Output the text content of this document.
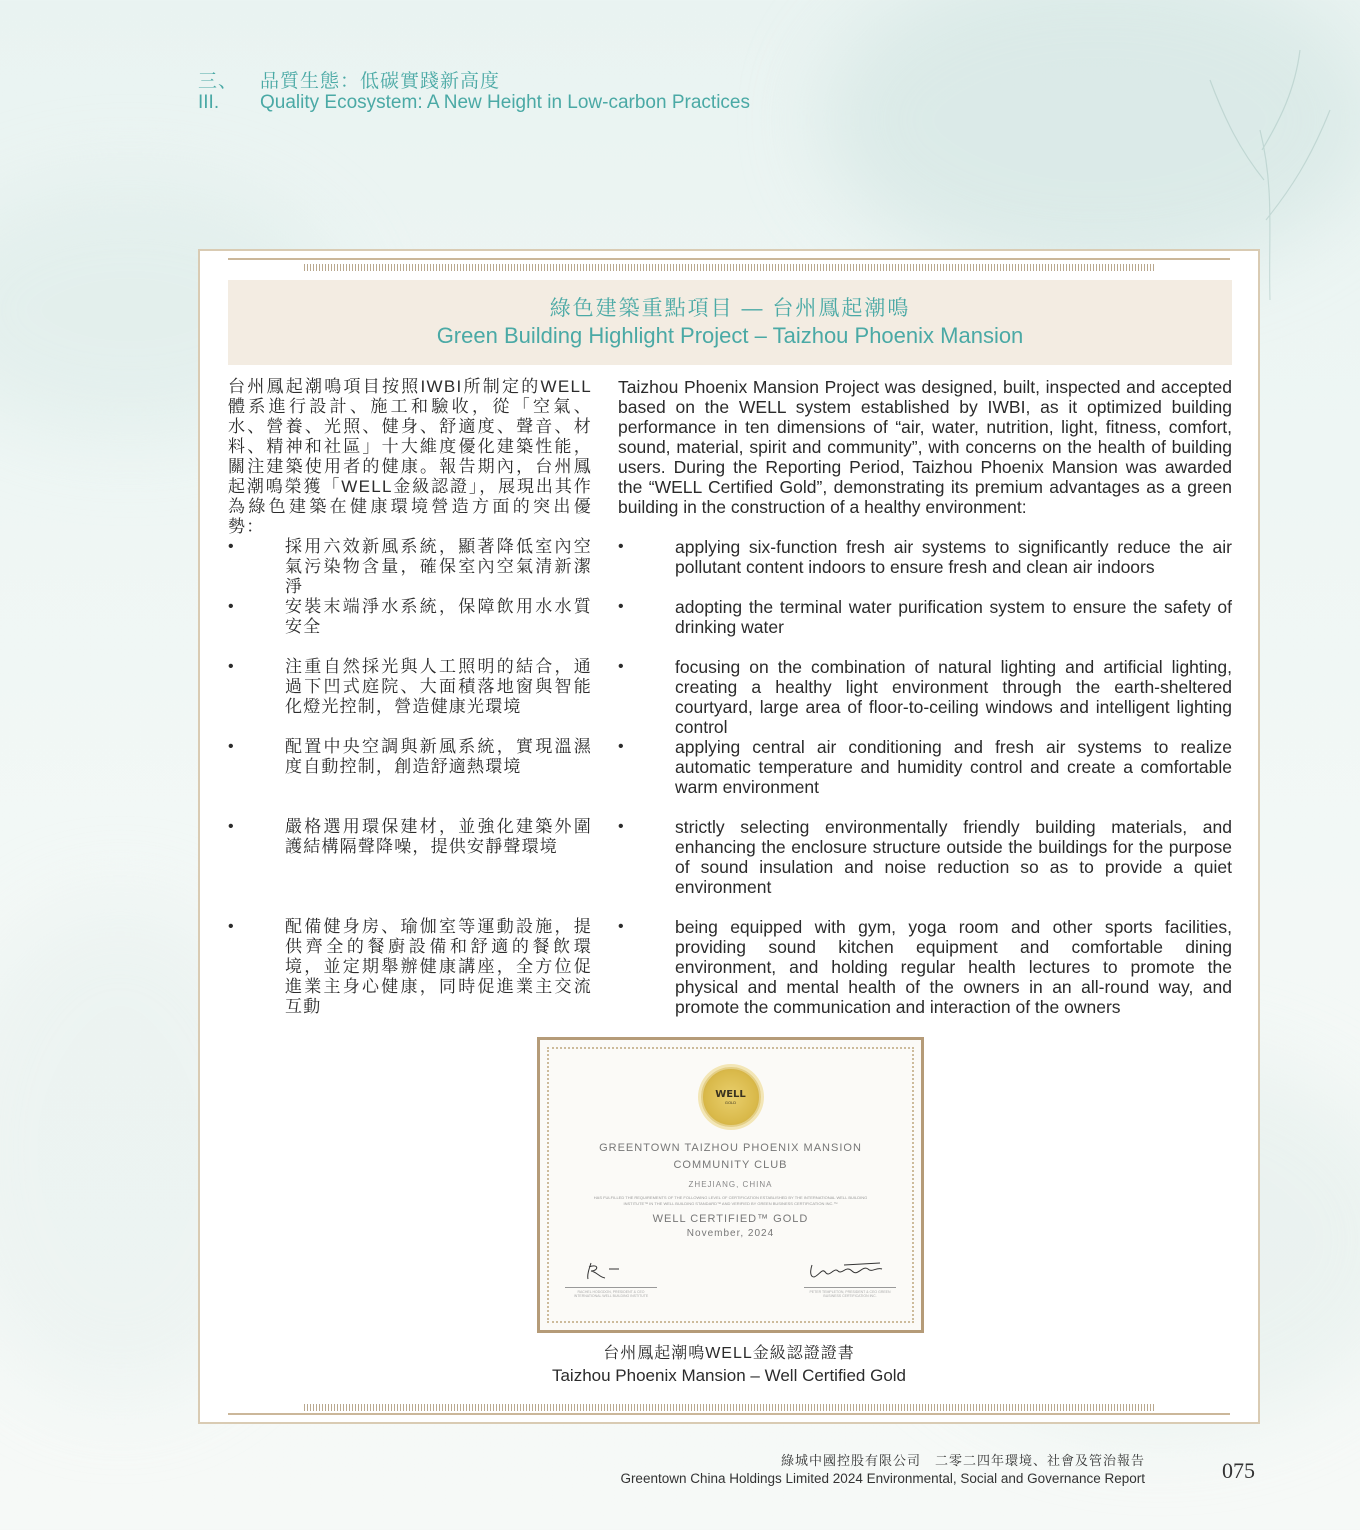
三、	品質生態：低碳實踐新高度
III.	Quality Ecosystem: A New Height in Low-carbon Practices
綠色建築重點項目 — 台州鳳起潮鳴
Green Building Highlight Project – Taizhou Phoenix Mansion

台州鳳起潮鳴項目按照IWBI所制定的WELL體系進行設計、施工和驗收，從「空氣、水、營養、光照、健身、舒適度、聲音、材料、精神和社區」十大維度優化建築性能，關注建築使用者的健康。報告期內，台州鳳起潮鳴榮獲「WELL金級認證」，展現出其作為綠色建築在健康環境營造方面的突出優勢：

•	採用六效新風系統，顯著降低室內空氣污染物含量，確保室內空氣清新潔淨
•	安裝末端淨水系統，保障飲用水水質安全
•	注重自然採光與人工照明的結合，通過下凹式庭院、大面積落地窗與智能化燈光控制，營造健康光環境
•	配置中央空調與新風系統，實現溫濕度自動控制，創造舒適熱環境
•	嚴格選用環保建材，並強化建築外圍護結構隔聲降噪，提供安靜聲環境
•	配備健身房、瑜伽室等運動設施，提供齊全的餐廚設備和舒適的餐飲環境，並定期舉辦健康講座，全方位促進業主身心健康，同時促進業主交流互動

Taizhou Phoenix Mansion Project was designed, built, inspected and accepted based on the WELL system established by IWBI, as it optimized building performance in ten dimensions of “air, water, nutrition, light, fitness, comfort, sound, material, spirit and community”, with concerns on the health of building users. During the Reporting Period, Taizhou Phoenix Mansion was awarded the “WELL Certified Gold”, demonstrating its premium advantages as a green building in the construction of a healthy environment:

•	applying six-function fresh air systems to significantly reduce the air pollutant content indoors to ensure fresh and clean air indoors
•	adopting the terminal water purification system to ensure the safety of drinking water
•	focusing on the combination of natural lighting and artificial lighting, creating a healthy light environment through the earth-sheltered courtyard, large area of floor-to-ceiling windows and intelligent lighting control
•	applying central air conditioning and fresh air systems to realize automatic temperature and humidity control and create a comfortable warm environment
•	strictly selecting environmentally friendly building materials, and enhancing the enclosure structure outside the buildings for the purpose of sound insulation and noise reduction so as to provide a quiet environment
•	being equipped with gym, yoga room and other sports facilities, providing sound kitchen equipment and comfortable dining environment, and holding regular health lectures to promote the physical and mental health of the owners in an all-round way, and promote the communication and interaction of the owners
WELL
GOLD
GREENTOWN TAIZHOU PHOENIX MANSION
COMMUNITY CLUB
ZHEJIANG, CHINA
HAS FULFILLED THE REQUIREMENTS OF THE FOLLOWING LEVEL OF CERTIFICATION ESTABLISHED BY THE INTERNATIONAL WELL BUILDING INSTITUTE™ IN THE WELL BUILDING STANDARD™ AND VERIFIED BY GREEN BUSINESS CERTIFICATION INC.™
WELL CERTIFIED™ GOLD
November, 2024
RACHEL HODGDON, PRESIDENT & CEO INTERNATIONAL WELL BUILDING INSTITUTE
PETER TEMPLETON, PRESIDENT & CEO GREEN BUSINESS CERTIFICATION INC.
台州鳳起潮鳴WELL金級認證證書
Taizhou Phoenix Mansion – Well Certified Gold
綠城中國控股有限公司　二零二四年環境、社會及管治報告
Greentown China Holdings Limited 2024 Environmental, Social and Governance Report	075
